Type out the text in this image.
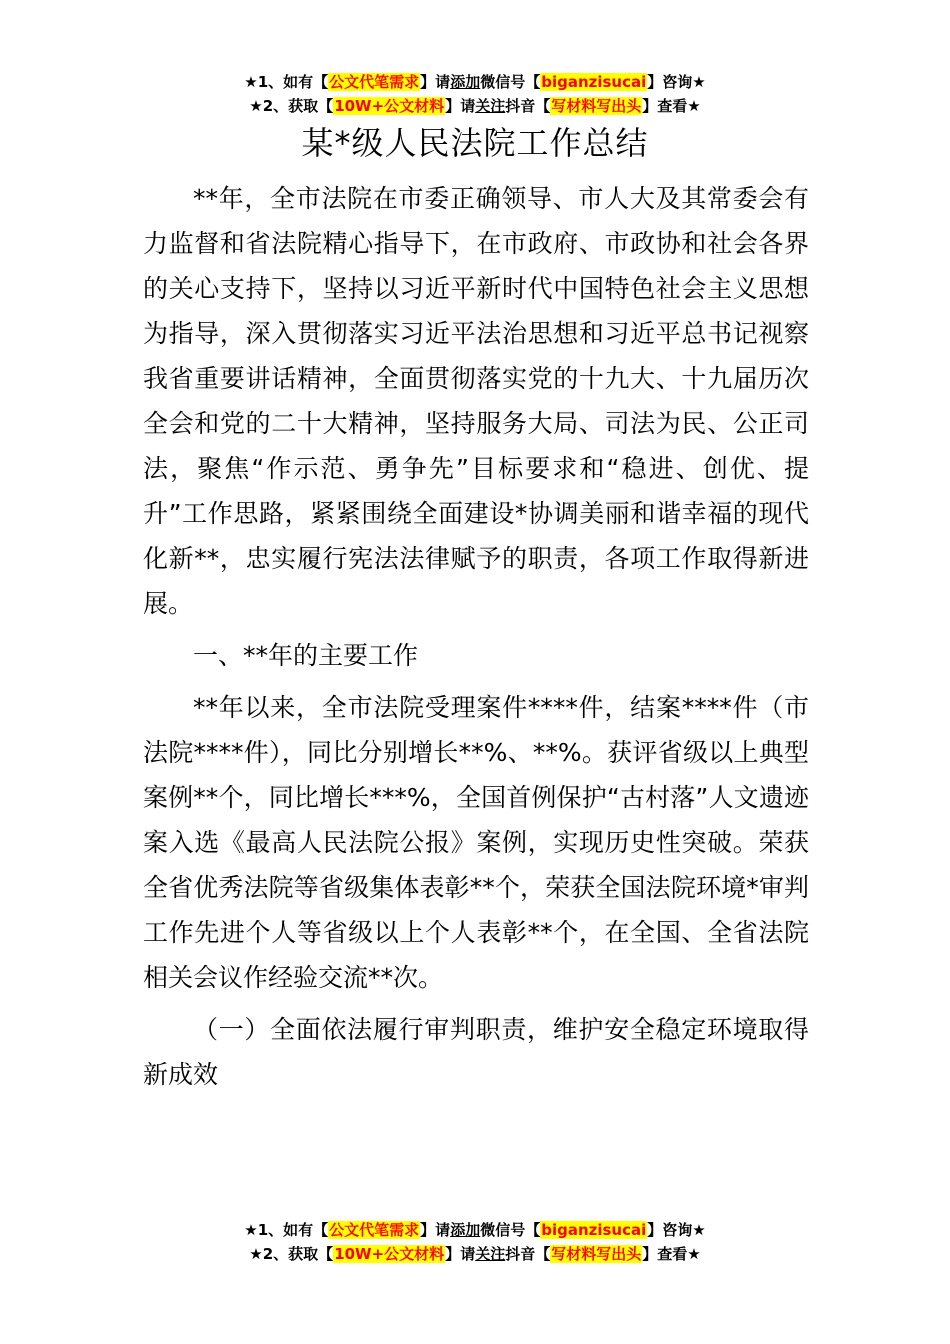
★1、如有【公文代笔需求】请添加微信号【biganzisucai】咨询★
★2、获取【10W+公文材料】请关注抖音【写材料写出头】查看★
某*级人民法院工作总结

**年，全市法院在市委正确领导、市人大及其常委会有力监督和省法院精心指导下，在市政府、市政协和社会各界的关心支持下，坚持以习近平新时代中国特色社会主义思想为指导，深入贯彻落实习近平法治思想和习近平总书记视察我省重要讲话精神，全面贯彻落实党的十九大、十九届历次全会和党的二十大精神，坚持服务大局、司法为民、公正司法，聚焦“作示范、勇争先”目标要求和“稳进、创优、提升”工作思路，紧紧围绕全面建设*协调美丽和谐幸福的现代化新**，忠实履行宪法法律赋予的职责，各项工作取得新进展。

一、**年的主要工作

**年以来，全市法院受理案件****件，结案****件（市法院****件），同比分别增长**%、**%。获评省级以上典型案例**个，同比增长***%，全国首例保护“古村落”人文遗迹案入选《最高人民法院公报》案例，实现历史性突破。荣获全省优秀法院等省级集体表彰**个，荣获全国法院环境*审判工作先进个人等省级以上个人表彰**个，在全国、全省法院相关会议作经验交流**次。

（一）全面依法履行审判职责，维护安全稳定环境取得新成效

★1、如有【公文代笔需求】请添加微信号【biganzisucai】咨询★
★2、获取【10W+公文材料】请关注抖音【写材料写出头】查看★
